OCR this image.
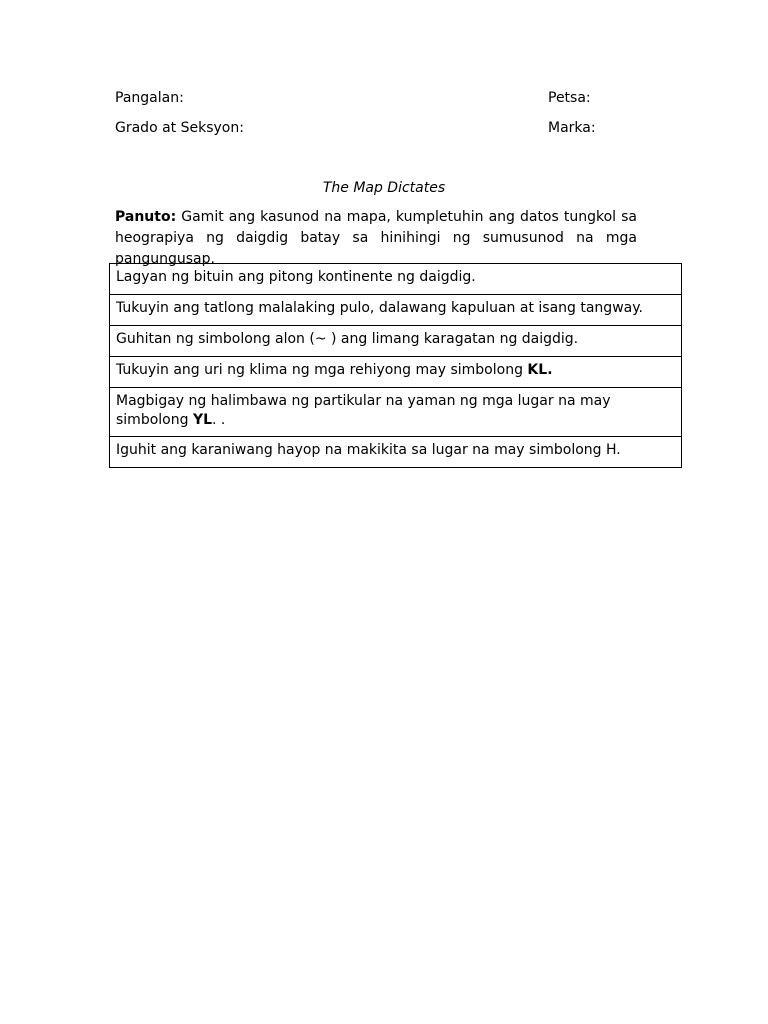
Pangalan:	Petsa:
Grado at Seksyon:	Marka:
The Map Dictates
Panuto: Gamit ang kasunod na mapa, kumpletuhin ang datos tungkol sa heograpiya ng daigdig batay sa hinihingi ng sumusunod na mga pangungusap.
Lagyan ng bituin ang pitong kontinente ng daigdig.
Tukuyin ang tatlong malalaking pulo, dalawang kapuluan at isang tangway.
Guhitan ng simbolong alon (~ ) ang limang karagatan ng daigdig.
Tukuyin ang uri ng klima ng mga rehiyong may simbolong KL.
Magbigay ng halimbawa ng partikular na yaman ng mga lugar na may simbolong YL. .
Iguhit ang karaniwang hayop na makikita sa lugar na may simbolong H.
